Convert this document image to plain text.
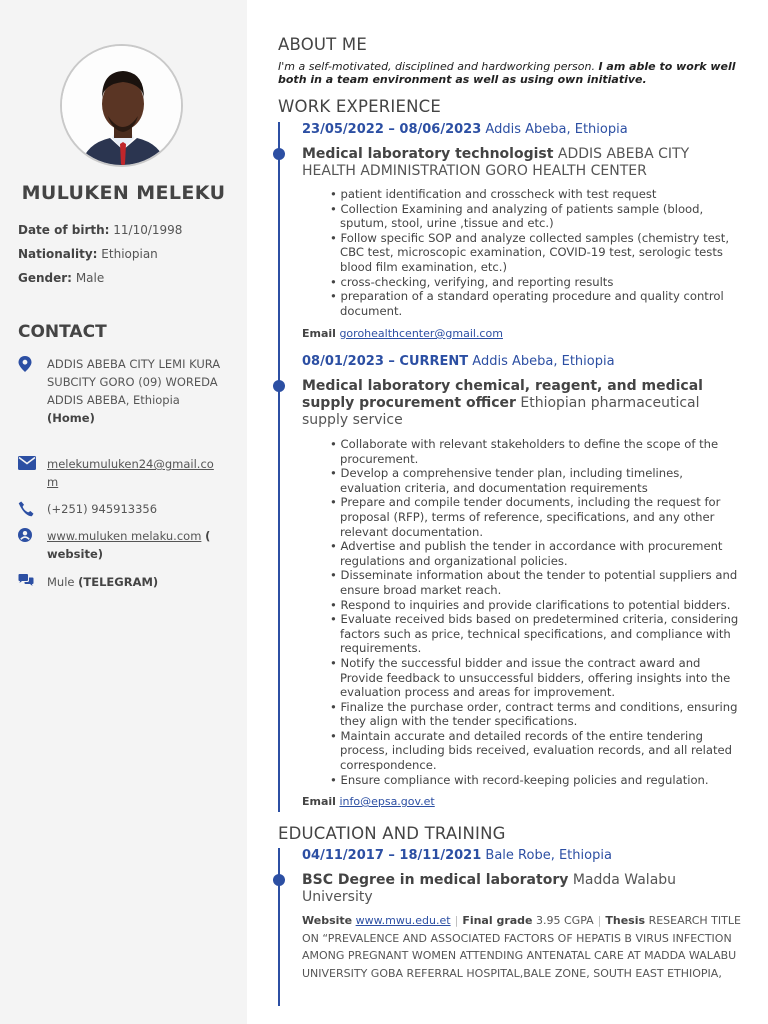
MULUKEN MELEKU
Date of birth: 11/10/1998
Nationality: Ethiopian
Gender: Male
CONTACT
ADDIS ABEBA CITY LEMI KURA SUBCITY GORO (09) WOREDA
ADDIS ABEBA, Ethiopia
(Home)
melekumuluken24@gmail.com
(+251) 945913356
www.muluken melaku.com ( website)
Mule (TELEGRAM)
ABOUT ME
I'm a self-motivated, disciplined and hardworking person. I am able to work well both in a team environment as well as using own initiative.
WORK EXPERIENCE
23/05/2022 – 08/06/2023 Addis Abeba, Ethiopia
Medical laboratory technologist ADDIS ABEBA CITY HEALTH ADMINISTRATION GORO HEALTH CENTER
• patient identification and crosscheck with test request
• Collection Examining and analyzing of patients sample (blood, sputum, stool, urine ,tissue and etc.)
• Follow specific SOP and analyze collected samples (chemistry test, CBC test, microscopic examination, COVID-19 test, serologic tests blood film examination, etc.)
• cross-checking, verifying, and reporting results
• preparation of a standard operating procedure and quality control document.
Email gorohealthcenter@gmail.com
08/01/2023 – CURRENT Addis Abeba, Ethiopia
Medical laboratory chemical, reagent, and medical supply procurement officer Ethiopian pharmaceutical supply service
• Collaborate with relevant stakeholders to define the scope of the procurement.
• Develop a comprehensive tender plan, including timelines, evaluation criteria, and documentation requirements
• Prepare and compile tender documents, including the request for proposal (RFP), terms of reference, specifications, and any other relevant documentation.
• Advertise and publish the tender in accordance with procurement regulations and organizational policies.
• Disseminate information about the tender to potential suppliers and ensure broad market reach.
• Respond to inquiries and provide clarifications to potential bidders.
• Evaluate received bids based on predetermined criteria, considering factors such as price, technical specifications, and compliance with requirements.
• Notify the successful bidder and issue the contract award and Provide feedback to unsuccessful bidders, offering insights into the evaluation process and areas for improvement.
• Finalize the purchase order, contract terms and conditions, ensuring they align with the tender specifications.
• Maintain accurate and detailed records of the entire tendering process, including bids received, evaluation records, and all related correspondence.
• Ensure compliance with record-keeping policies and regulation.
Email info@epsa.gov.et
EDUCATION AND TRAINING
04/11/2017 – 18/11/2021 Bale Robe, Ethiopia
BSC Degree in medical laboratory Madda Walabu University
Website www.mwu.edu.et | Final grade 3.95 CGPA | Thesis RESEARCH TITLE ON “PREVALENCE AND ASSOCIATED FACTORS OF HEPATIS B VIRUS INFECTION AMONG PREGNANT WOMEN ATTENDING ANTENATAL CARE AT MADDA WALABU UNIVERSITY GOBA REFERRAL HOSPITAL,BALE ZONE, SOUTH EAST ETHIOPIA,
